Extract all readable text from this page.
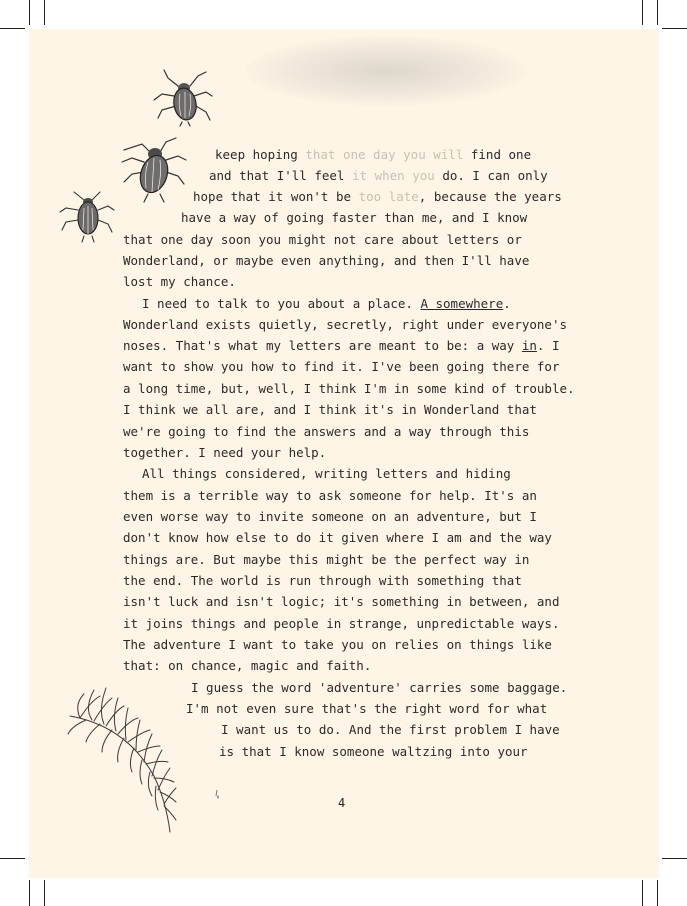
keep hoping that one day you will find one
and that I'll feel it when you do. I can only
hope that it won't be too late, because the years
have a way of going faster than me, and I know
that one day soon you might not care about letters or
Wonderland, or maybe even anything, and then I'll have
lost my chance.
I need to talk to you about a place. A somewhere.
Wonderland exists quietly, secretly, right under everyone's
noses. That's what my letters are meant to be: a way in. I
want to show you how to find it. I've been going there for
a long time, but, well, I think I'm in some kind of trouble.
I think we all are, and I think it's in Wonderland that
we're going to find the answers and a way through this
together. I need your help.
All things considered, writing letters and hiding
them is a terrible way to ask someone for help. It's an
even worse way to invite someone on an adventure, but I
don't know how else to do it given where I am and the way
things are. But maybe this might be the perfect way in
the end. The world is run through with something that
isn't luck and isn't logic; it's something in between, and
it joins things and people in strange, unpredictable ways.
The adventure I want to take you on relies on things like
that: on chance, magic and faith.
I guess the word 'adventure' carries some baggage.
I'm not even sure that's the right word for what
I want us to do. And the first problem I have
is that I know someone waltzing into your
4
